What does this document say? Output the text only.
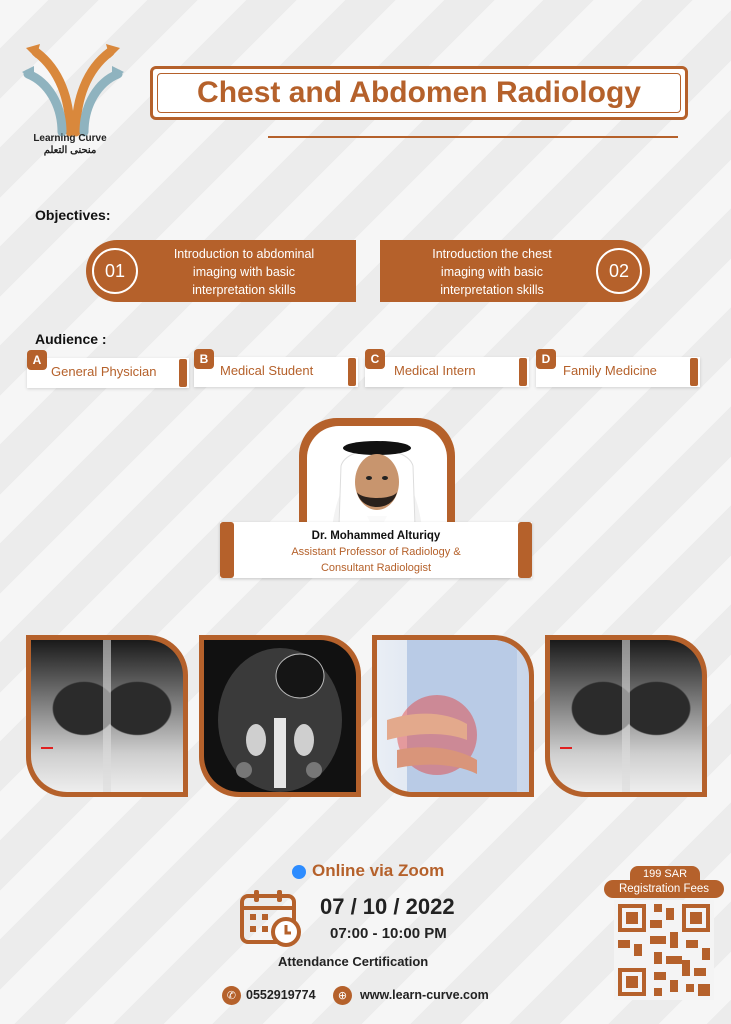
Learning Curve
منحنى التعلم
Chest and Abdomen Radiology
Objectives:
01
Introduction to abdominal
imaging with basic
interpretation skills
Introduction the chest
imaging with basic
interpretation skills
02
Audience :
General Physician
A
Medical Student
B
Medical Intern
C
Family Medicine
D
Dr. Mohammed Alturiqy
Assistant Professor of Radiology &
Consultant Radiologist
Online via Zoom
07 / 10 / 2022
07:00 - 10:00 PM
Attendance Certification
✆ 0552919774	⊕	www.learn-curve.com
199 SAR
Registration Fees
